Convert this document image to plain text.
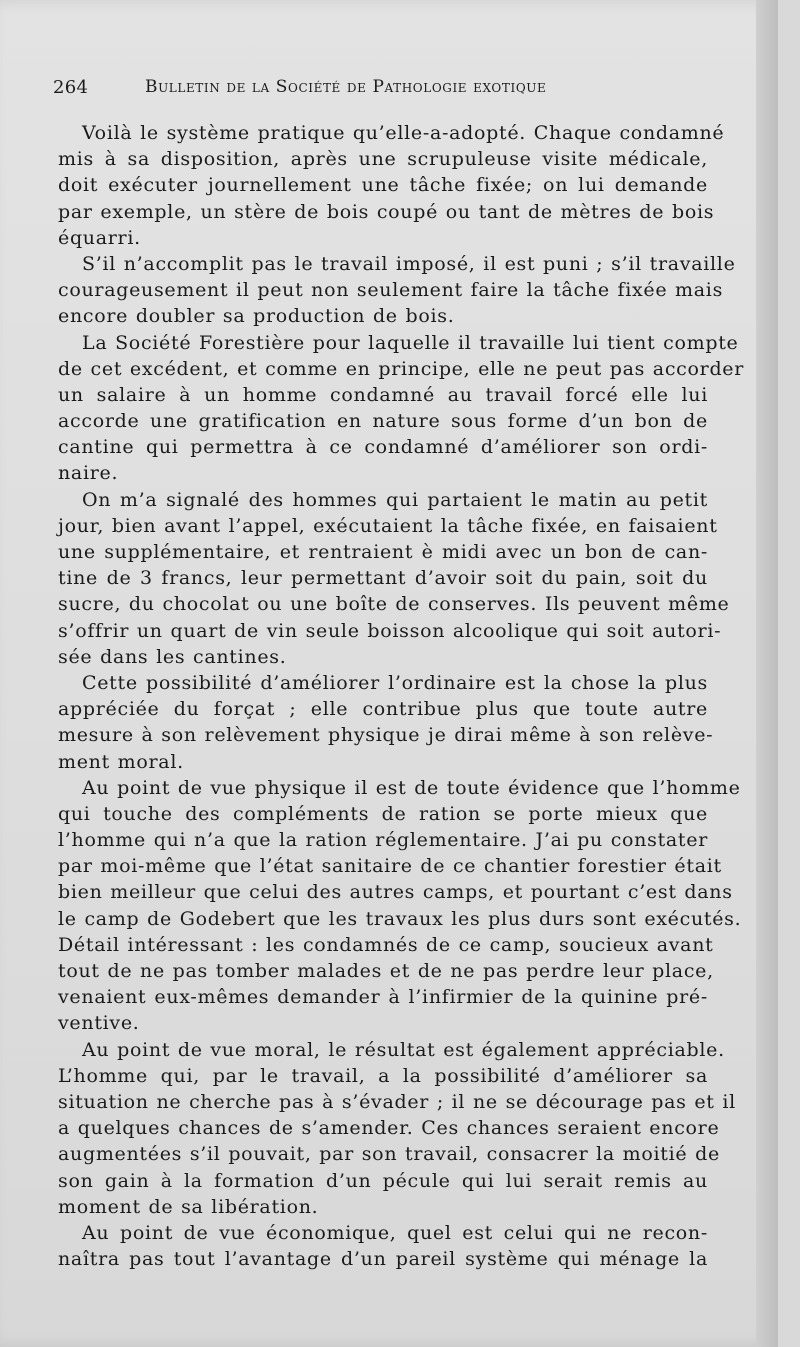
264	Bulletin de la Société de Pathologie exotique
Voilà le système pratique qu’elle-a-adopté. Chaque condamné
mis à sa disposition, après une scrupuleuse visite médicale,
doit exécuter journellement une tâche fixée; on lui demande
par exemple, un stère de bois coupé ou tant de mètres de bois
équarri.
S’il n’accomplit pas le travail imposé, il est puni ; s’il travaille
courageusement il peut non seulement faire la tâche fixée mais
encore doubler sa production de bois.
La Société Forestière pour laquelle il travaille lui tient compte
de cet excédent, et comme en principe, elle ne peut pas accorder
un salaire à un homme condamné au travail forcé elle lui
accorde une gratification en nature sous forme d’un bon de
cantine qui permettra à ce condamné d’améliorer son ordi-
naire.
On m’a signalé des hommes qui partaient le matin au petit
jour, bien avant l’appel, exécutaient la tâche fixée, en faisaient
une supplémentaire, et rentraient è midi avec un bon de can-
tine de 3 francs, leur permettant d’avoir soit du pain, soit du
sucre, du chocolat ou une boîte de conserves. Ils peuvent même
s’offrir un quart de vin seule boisson alcoolique qui soit autori-
sée dans les cantines.
Cette possibilité d’améliorer l’ordinaire est la chose la plus
appréciée du forçat ; elle contribue plus que toute autre
mesure à son relèvement physique je dirai même à son relève-
ment moral.
Au point de vue physique il est de toute évidence que l’homme
qui touche des compléments de ration se porte mieux que
l’homme qui n’a que la ration réglementaire. J’ai pu constater
par moi-même que l’état sanitaire de ce chantier forestier était
bien meilleur que celui des autres camps, et pourtant c’est dans
le camp de Godebert que les travaux les plus durs sont exécutés.
Détail intéressant : les condamnés de ce camp, soucieux avant
tout de ne pas tomber malades et de ne pas perdre leur place,
venaient eux-mêmes demander à l’infirmier de la quinine pré-
ventive.
Au point de vue moral, le résultat est également appréciable.
L’homme qui, par le travail, a la possibilité d’améliorer sa
situation ne cherche pas à s’évader ; il ne se décourage pas et il
a quelques chances de s’amender. Ces chances seraient encore
augmentées s’il pouvait, par son travail, consacrer la moitié de
son gain à la formation d’un pécule qui lui serait remis au
moment de sa libération.
Au point de vue économique, quel est celui qui ne recon-
naîtra pas tout l’avantage d’un pareil système qui ménage la
